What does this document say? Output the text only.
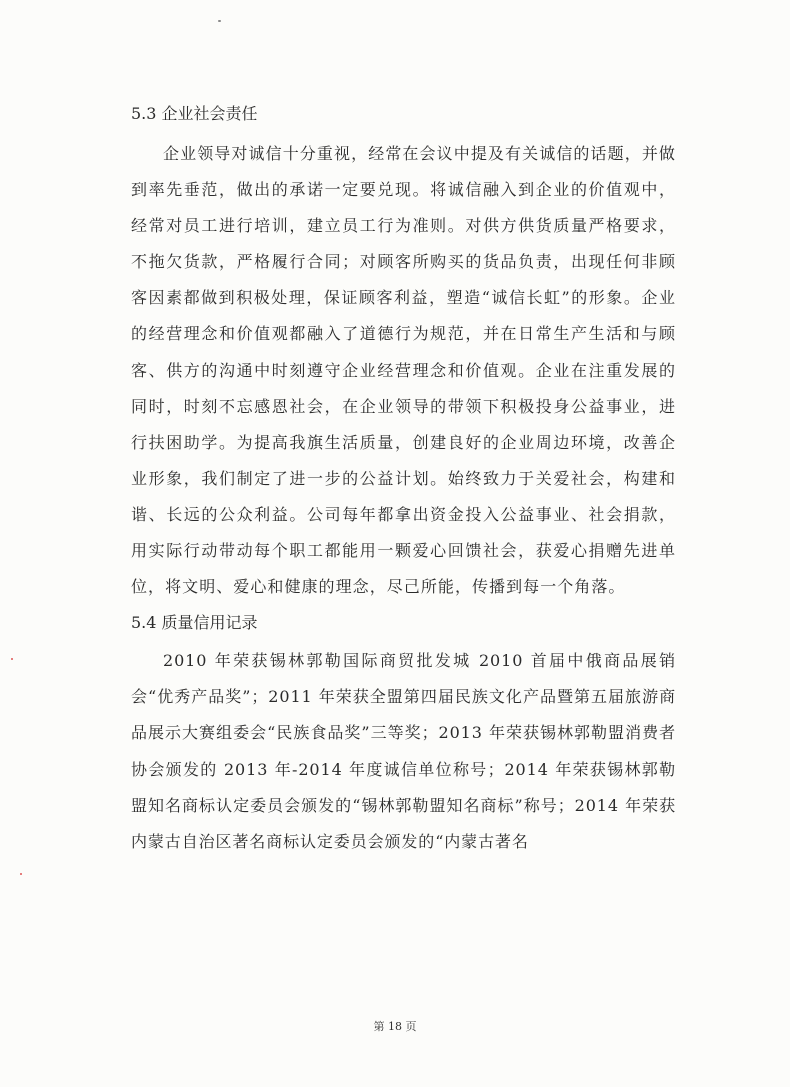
5.3 企业社会责任

企业领导对诚信十分重视，经常在会议中提及有关诚信的话题，并做到率先垂范，做出的承诺一定要兑现。将诚信融入到企业的价值观中，经常对员工进行培训，建立员工行为准则。对供方供货质量严格要求，不拖欠货款，严格履行合同；对顾客所购买的货品负责，出现任何非顾客因素都做到积极处理，保证顾客利益，塑造“诚信长虹”的形象。企业的经营理念和价值观都融入了道德行为规范，并在日常生产生活和与顾客、供方的沟通中时刻遵守企业经营理念和价值观。企业在注重发展的同时，时刻不忘感恩社会，在企业领导的带领下积极投身公益事业，进行扶困助学。为提高我旗生活质量，创建良好的企业周边环境，改善企业形象，我们制定了进一步的公益计划。始终致力于关爱社会，构建和谐、长远的公众利益。公司每年都拿出资金投入公益事业、社会捐款，用实际行动带动每个职工都能用一颗爱心回馈社会，获爱心捐赠先进单位，将文明、爱心和健康的理念，尽己所能，传播到每一个角落。

5.4 质量信用记录

2010 年荣获锡林郭勒国际商贸批发城 2010 首届中俄商品展销会“优秀产品奖”；2011 年荣获全盟第四届民族文化产品暨第五届旅游商品展示大赛组委会“民族食品奖”三等奖；2013 年荣获锡林郭勒盟消费者协会颁发的 2013 年-2014 年度诚信单位称号；2014 年荣获锡林郭勒盟知名商标认定委员会颁发的“锡林郭勒盟知名商标”称号；2014 年荣获内蒙古自治区著名商标认定委员会颁发的“内蒙古著名

第 18 页
